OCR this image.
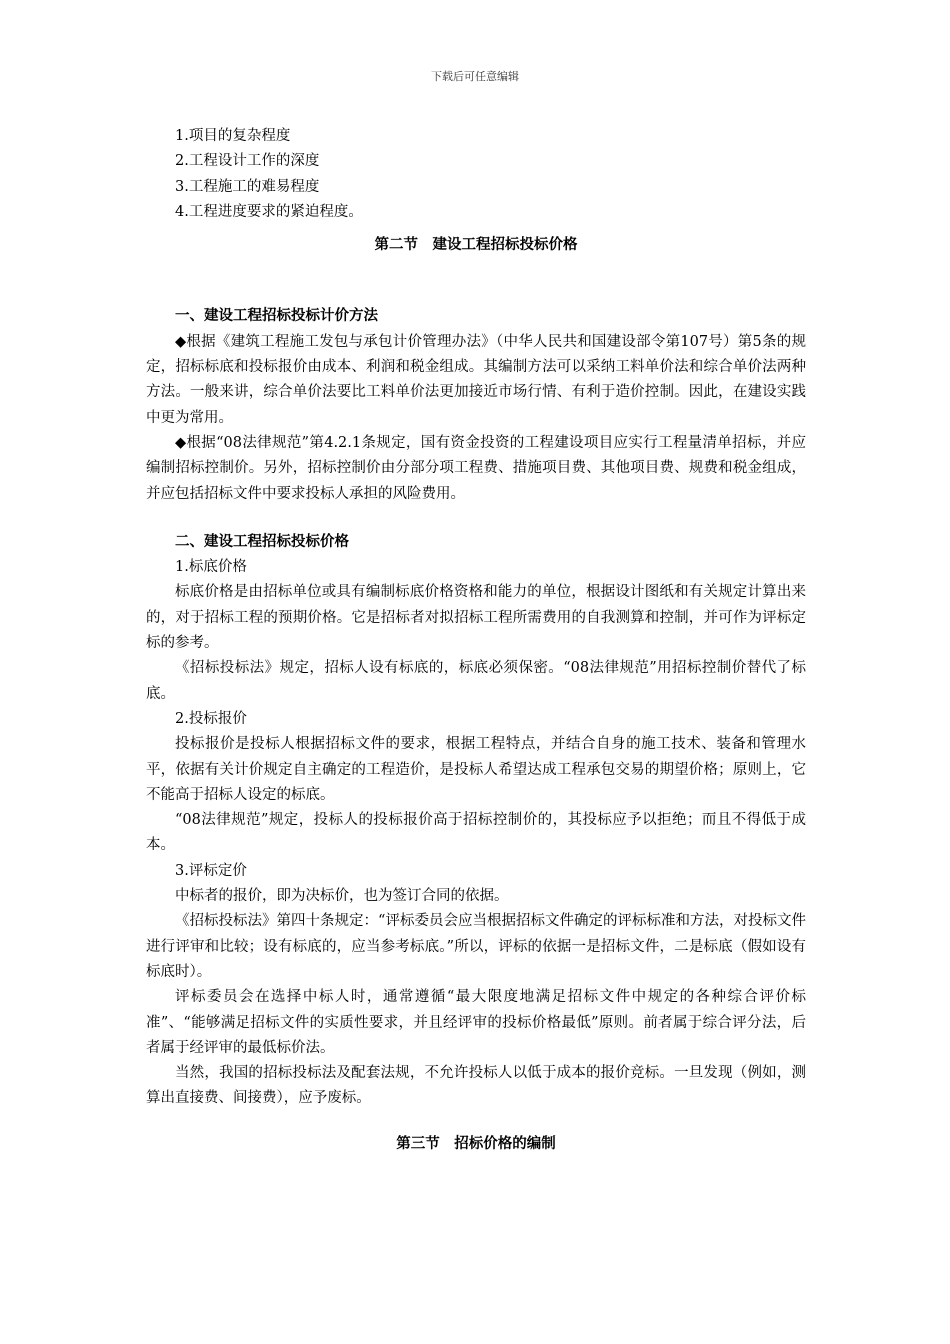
下载后可任意编辑

1.项目的复杂程度

2.工程设计工作的深度

3.工程施工的难易程度

4.工程进度要求的紧迫程度。

第二节　建设工程招标投标价格

一、建设工程招标投标计价方法

◆根据《建筑工程施工发包与承包计价管理办法》（中华人民共和国建设部令第107号）第5条的规定，招标标底和投标报价由成本、利润和税金组成。其编制方法可以采纳工料单价法和综合单价法两种方法。一般来讲，综合单价法要比工料单价法更加接近市场行情、有利于造价控制。因此，在建设实践中更为常用。

◆根据“08法律规范”第4.2.1条规定，国有资金投资的工程建设项目应实行工程量清单招标，并应编制招标控制价。另外，招标控制价由分部分项工程费、措施项目费、其他项目费、规费和税金组成，并应包括招标文件中要求投标人承担的风险费用。

二、建设工程招标投标价格

1.标底价格

标底价格是由招标单位或具有编制标底价格资格和能力的单位，根据设计图纸和有关规定计算出来的，对于招标工程的预期价格。它是招标者对拟招标工程所需费用的自我测算和控制，并可作为评标定标的参考。

《招标投标法》规定，招标人设有标底的，标底必须保密。“08法律规范”用招标控制价替代了标底。

2.投标报价

投标报价是投标人根据招标文件的要求，根据工程特点，并结合自身的施工技术、装备和管理水平，依据有关计价规定自主确定的工程造价，是投标人希望达成工程承包交易的期望价格；原则上，它不能高于招标人设定的标底。

“08法律规范”规定，投标人的投标报价高于招标控制价的，其投标应予以拒绝；而且不得低于成本。

3.评标定价

中标者的报价，即为决标价，也为签订合同的依据。

《招标投标法》第四十条规定：“评标委员会应当根据招标文件确定的评标标准和方法，对投标文件进行评审和比较；设有标底的，应当参考标底。”所以，评标的依据一是招标文件，二是标底（假如设有标底时）。

评标委员会在选择中标人时，通常遵循“最大限度地满足招标文件中规定的各种综合评价标准”、“能够满足招标文件的实质性要求，并且经评审的投标价格最低”原则。前者属于综合评分法，后者属于经评审的最低标价法。

当然，我国的招标投标法及配套法规，不允许投标人以低于成本的报价竞标。一旦发现（例如，测算出直接费、间接费），应予废标。

第三节　招标价格的编制
